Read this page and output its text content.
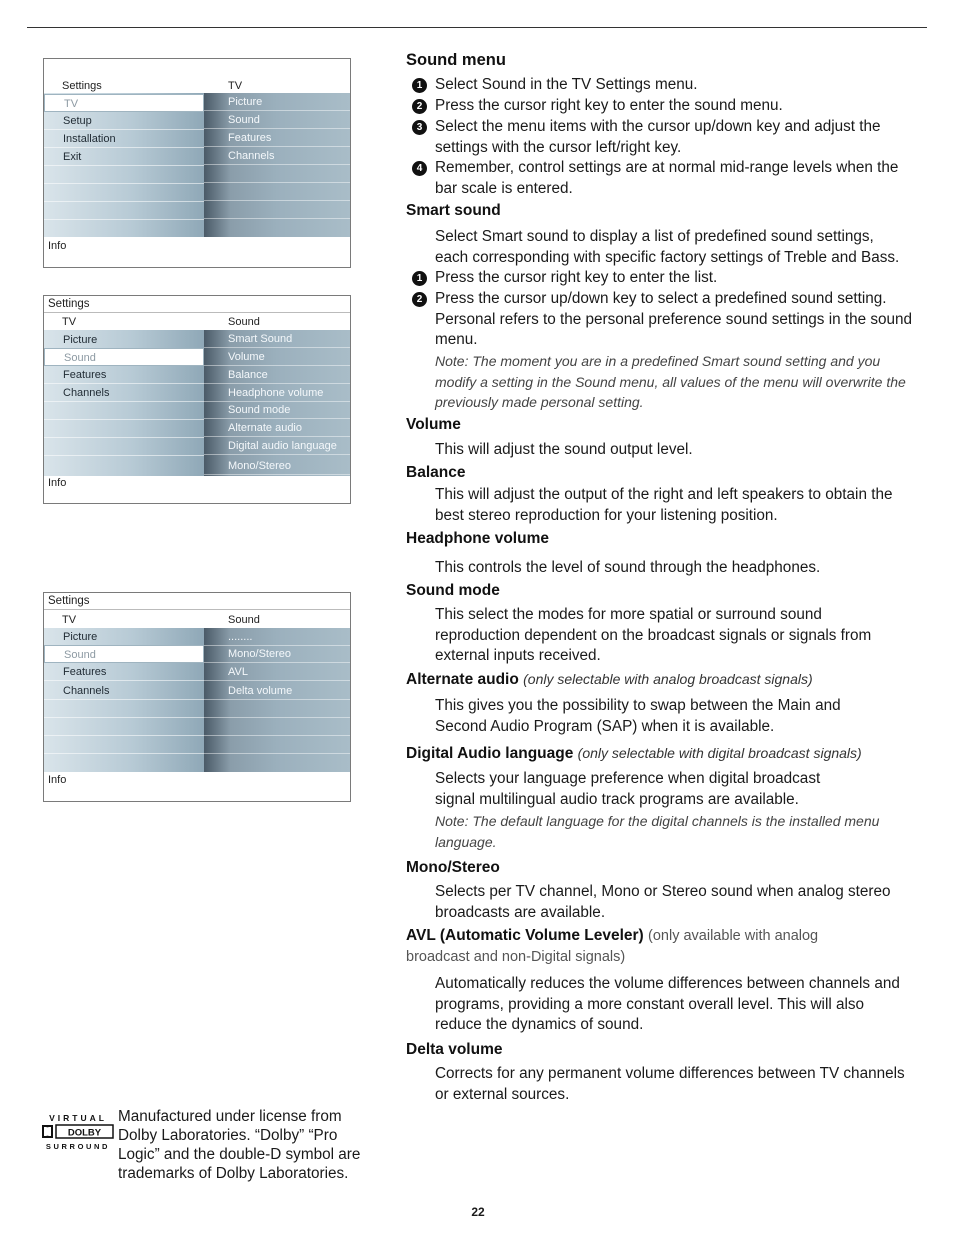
Settings	TV
TV
Setup
Installation
Exit
Picture
Sound
Features
Channels
Info
Settings
TV	Sound
Picture
Sound
Features
Channels
Smart Sound
Volume
Balance
Headphone volume
Sound mode
Alternate audio
Digital audio language
Mono/Stereo
Info
Settings
TV	Sound
Picture
Sound
Features
Channels
........
Mono/Stereo
AVL
Delta volume
Info
Sound menu
1 Select Sound in the TV Settings menu.
2 Press the cursor right key to enter the sound menu.
3 Select the menu items with the cursor up/down key and adjust the settings with the cursor left/right key.
4 Remember, control settings are at normal mid-range levels when the bar scale is entered.
Smart sound
Select Smart sound to display a list of predefined sound settings, each corresponding with specific factory settings of Treble and Bass.
1 Press the cursor right key to enter the list.
2 Press the cursor up/down key to select a predefined sound setting. Personal refers to the personal preference sound settings in the sound menu.
Note: The moment you are in a predefined Smart sound setting and you modify a setting in the Sound menu, all values of the menu will overwrite the previously made personal setting.
Volume
This will adjust the sound output level.
Balance
This will adjust the output of the right and left speakers to obtain the best stereo reproduction for your listening position.
Headphone volume
This controls the level of sound through the headphones.
Sound mode
This select the modes for more spatial or surround sound reproduction dependent on the broadcast signals or signals from external inputs received.
Alternate audio (only selectable with analog broadcast signals)
This gives you the possibility to swap between the Main and Second Audio Program (SAP) when it is available.
Digital Audio language (only selectable with digital broadcast signals)
Selects your language preference when digital broadcast signal multilingual audio track programs are available.
Note: The default language for the digital channels is the installed menu language.
Mono/Stereo
Selects per TV channel, Mono or Stereo sound when analog stereo broadcasts are available.
AVL (Automatic Volume Leveler) (only available with analog
broadcast and non-Digital signals)
Automatically reduces the volume differences between channels and programs, providing a more constant overall level. This will also reduce the dynamics of sound.
Delta volume
Corrects for any permanent volume differences between TV channels or external sources.
VIRTUAL
DOLBY
SURROUND
Manufactured under license from Dolby Laboratories. “Dolby” “Pro Logic” and the double-D symbol are trademarks of Dolby Laboratories.
22
